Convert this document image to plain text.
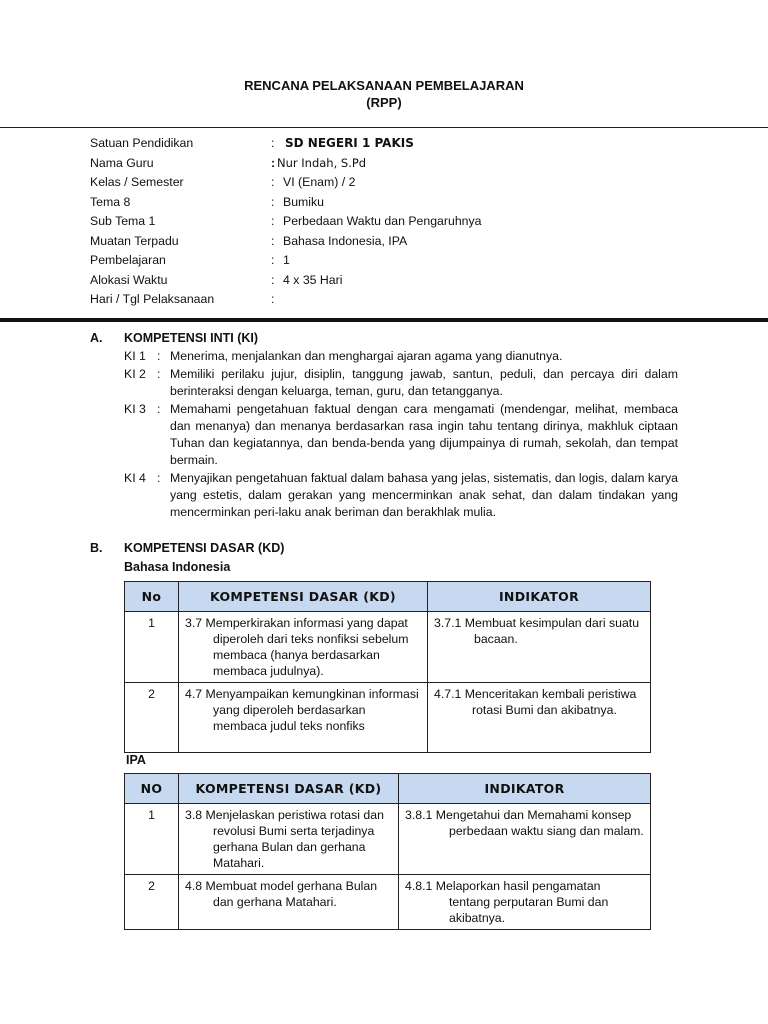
RENCANA PELAKSANAAN PEMBELAJARAN
(RPP)
Satuan Pendidikan	: SD NEGERI 1 PAKIS
Nama Guru	: Nur Indah, S.Pd
Kelas / Semester	: VI (Enam) / 2
Tema 8	: Bumiku
Sub Tema 1	: Perbedaan Waktu dan Pengaruhnya
Muatan Terpadu	: Bahasa Indonesia, IPA
Pembelajaran	: 1
Alokasi Waktu	: 4 x 35 Hari
Hari / Tgl Pelaksanaan	:
A. KOMPETENSI INTI (KI)
KI 1 : Menerima, menjalankan dan menghargai ajaran agama yang dianutnya.
KI 2 : Memiliki perilaku jujur, disiplin, tanggung jawab, santun, peduli, dan percaya diri dalam berinteraksi dengan keluarga, teman, guru, dan tetangganya.
KI 3 : Memahami pengetahuan faktual dengan cara mengamati (mendengar, melihat, membaca dan menanya) dan menanya berdasarkan rasa ingin tahu tentang dirinya, makhluk ciptaan Tuhan dan kegiatannya, dan benda-benda yang dijumpainya di rumah, sekolah, dan tempat bermain.
KI 4 : Menyajikan pengetahuan faktual dalam bahasa yang jelas, sistematis, dan logis, dalam karya yang estetis, dalam gerakan yang mencerminkan anak sehat, dan dalam tindakan yang mencerminkan peri-laku anak beriman dan berakhlak mulia.
B. KOMPETENSI DASAR (KD)
Bahasa Indonesia
No	KOMPETENSI DASAR (KD)	INDIKATOR
1	3.7 Memperkirakan informasi yang dapat diperoleh dari teks nonfiksi sebelum membaca (hanya berdasarkan membaca judulnya).	3.7.1 Membuat kesimpulan dari suatu bacaan.

2	4.7 Menyampaikan kemungkinan informasi yang diperoleh berdasarkan membaca judul teks nonfiks	4.7.1 Menceritakan kembali peristiwa rotasi Bumi dan akibatnya.
IPA
NO	KOMPETENSI DASAR (KD)	INDIKATOR
1	3.8 Menjelaskan peristiwa rotasi dan revolusi Bumi serta terjadinya gerhana Bulan dan gerhana Matahari.	3.8.1 Mengetahui dan Memahami konsep perbedaan waktu siang dan malam.

2	4.8 Membuat model gerhana Bulan dan gerhana Matahari.	4.8.1 Melaporkan hasil pengamatan tentang perputaran Bumi dan akibatnya.
